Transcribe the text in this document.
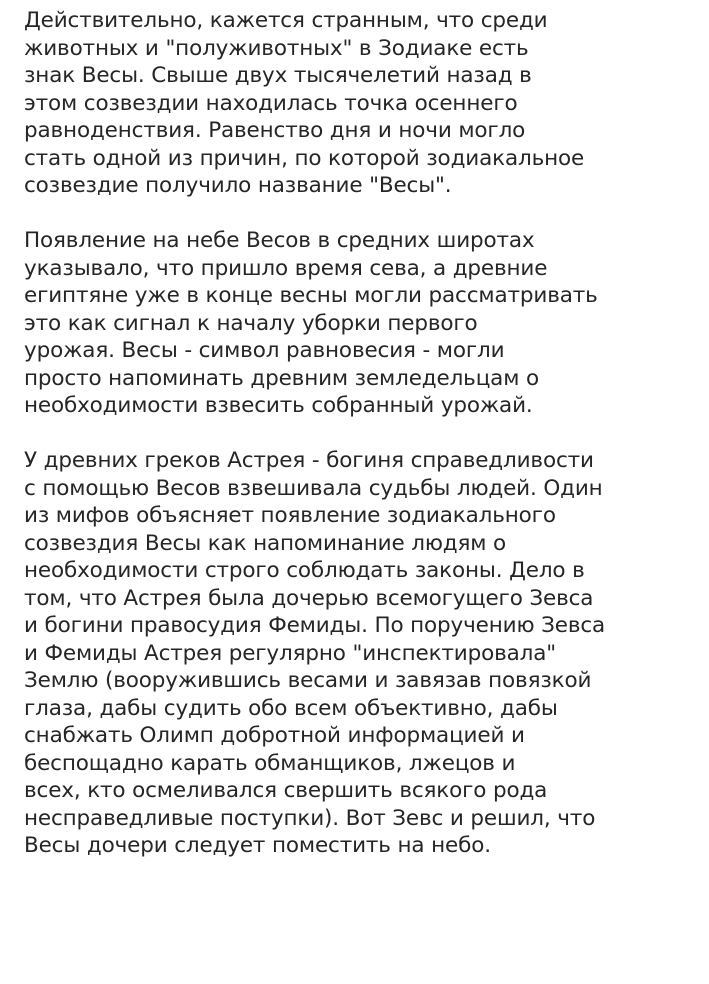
Действительно, кажется странным, что среди
животных и "полуживотных" в Зодиаке есть
знак Весы. Свыше двух тысячелетий назад в
этом созвездии находилась точка осеннего
равноденствия. Равенство дня и ночи могло
стать одной из причин, по которой зодиакальное
созвездие получило название "Весы".

Появление на небе Весов в средних широтах
указывало, что пришло время сева, а древние
египтяне уже в конце весны могли рассматривать
это как сигнал к началу уборки первого
урожая. Весы - символ равновесия - могли
просто напоминать древним земледельцам о
необходимости взвесить собранный урожай.

У древних греков Астрея - богиня справедливости
с помощью Весов взвешивала судьбы людей. Один
из мифов объясняет появление зодиакального
созвездия Весы как напоминание людям о
необходимости строго соблюдать законы. Дело в
том, что Астрея была дочерью всемогущего Зевса
и богини правосудия Фемиды. По поручению Зевса
и Фемиды Астрея регулярно "инспектировала"
Землю (вооружившись весами и завязав повязкой
глаза, дабы судить обо всем объективно, дабы
снабжать Олимп добротной информацией и
беспощадно карать обманщиков, лжецов и
всех, кто осмеливался свершить всякого рода
несправедливые поступки). Вот Зевс и решил, что
Весы дочери следует поместить на небо.
